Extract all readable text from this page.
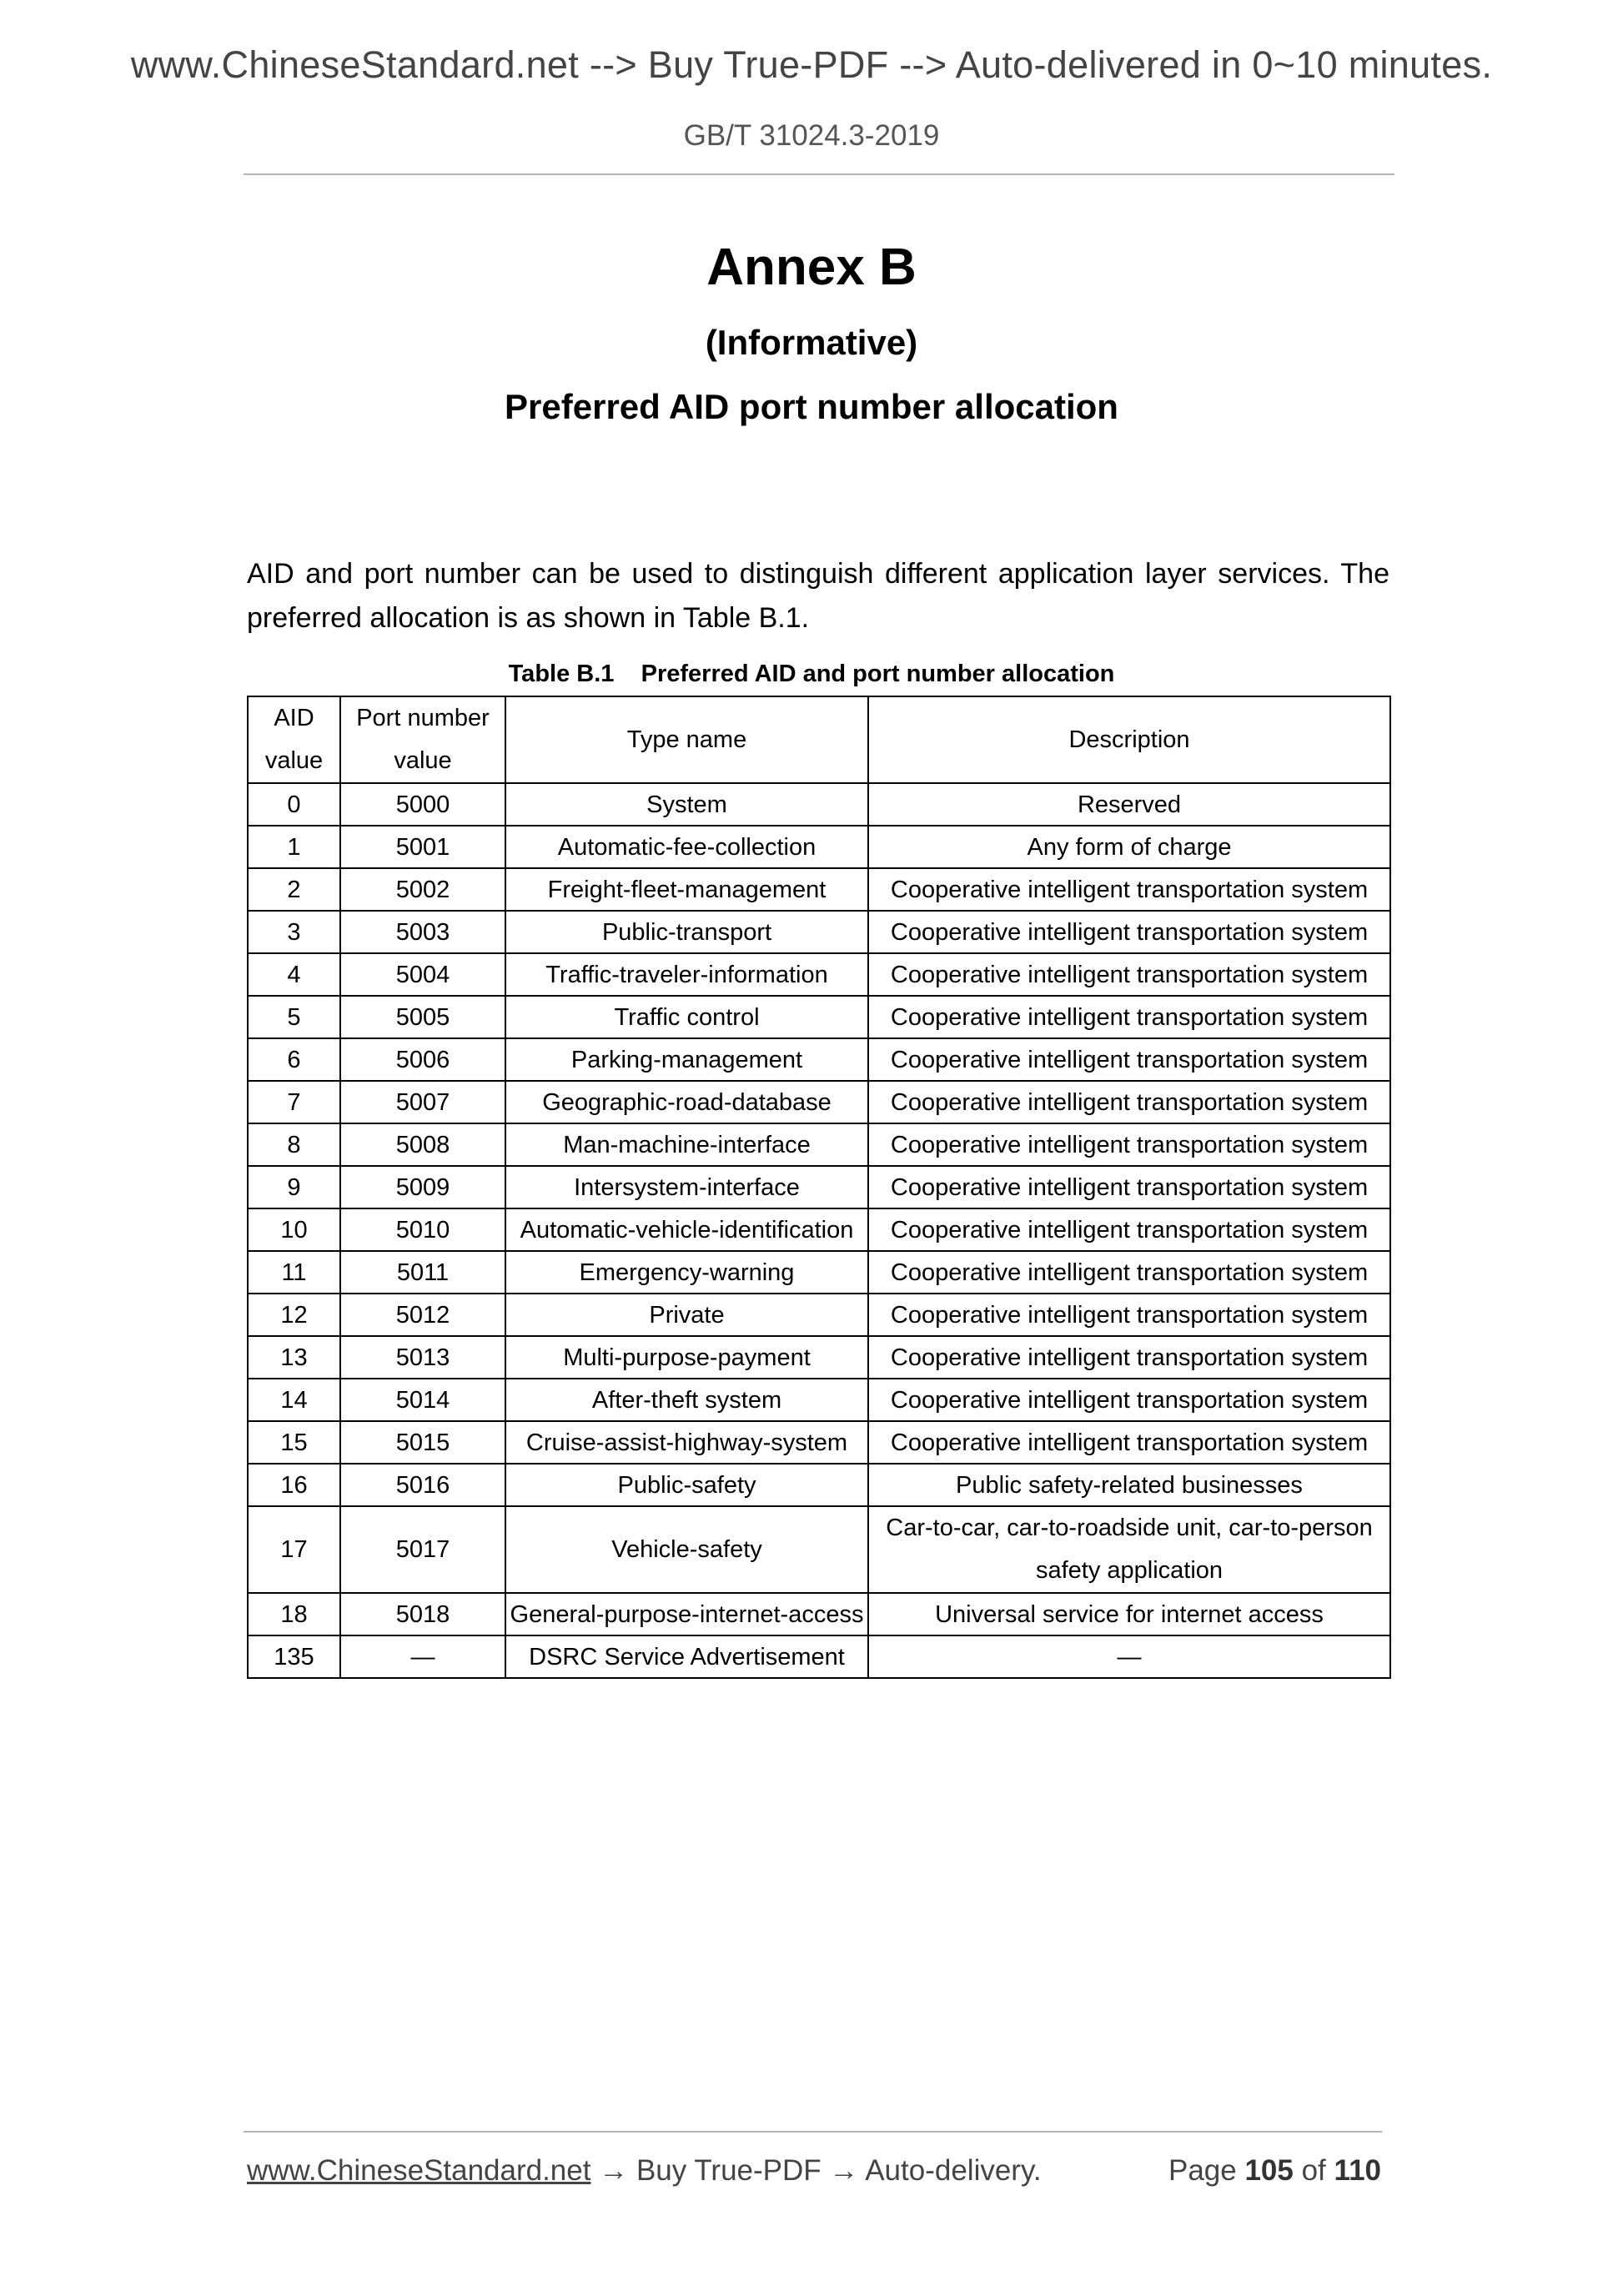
www.ChineseStandard.net --> Buy True-PDF --> Auto-delivered in 0~10 minutes.
GB/T 31024.3-2019
Annex B
(Informative)
Preferred AID port number allocation

AID and port number can be used to distinguish different application layer services. The preferred allocation is as shown in Table B.1.

Table B.1    Preferred AID and port number allocation
AID value	Port number value	Type name	Description
0	5000	System	Reserved
1	5001	Automatic-fee-collection	Any form of charge
2	5002	Freight-fleet-management	Cooperative intelligent transportation system
3	5003	Public-transport	Cooperative intelligent transportation system
4	5004	Traffic-traveler-information	Cooperative intelligent transportation system
5	5005	Traffic control	Cooperative intelligent transportation system
6	5006	Parking-management	Cooperative intelligent transportation system
7	5007	Geographic-road-database	Cooperative intelligent transportation system
8	5008	Man-machine-interface	Cooperative intelligent transportation system
9	5009	Intersystem-interface	Cooperative intelligent transportation system
10	5010	Automatic-vehicle-identification	Cooperative intelligent transportation system
11	5011	Emergency-warning	Cooperative intelligent transportation system
12	5012	Private	Cooperative intelligent transportation system
13	5013	Multi-purpose-payment	Cooperative intelligent transportation system
14	5014	After-theft system	Cooperative intelligent transportation system
15	5015	Cruise-assist-highway-system	Cooperative intelligent transportation system
16	5016	Public-safety	Public safety-related businesses
17	5017	Vehicle-safety	Car-to-car, car-to-roadside unit, car-to-person safety application
18	5018	General-purpose-internet-access	Universal service for internet access
135	—	DSRC Service Advertisement	—
www.ChineseStandard.net → Buy True-PDF → Auto-delivery.	Page 105 of 110
